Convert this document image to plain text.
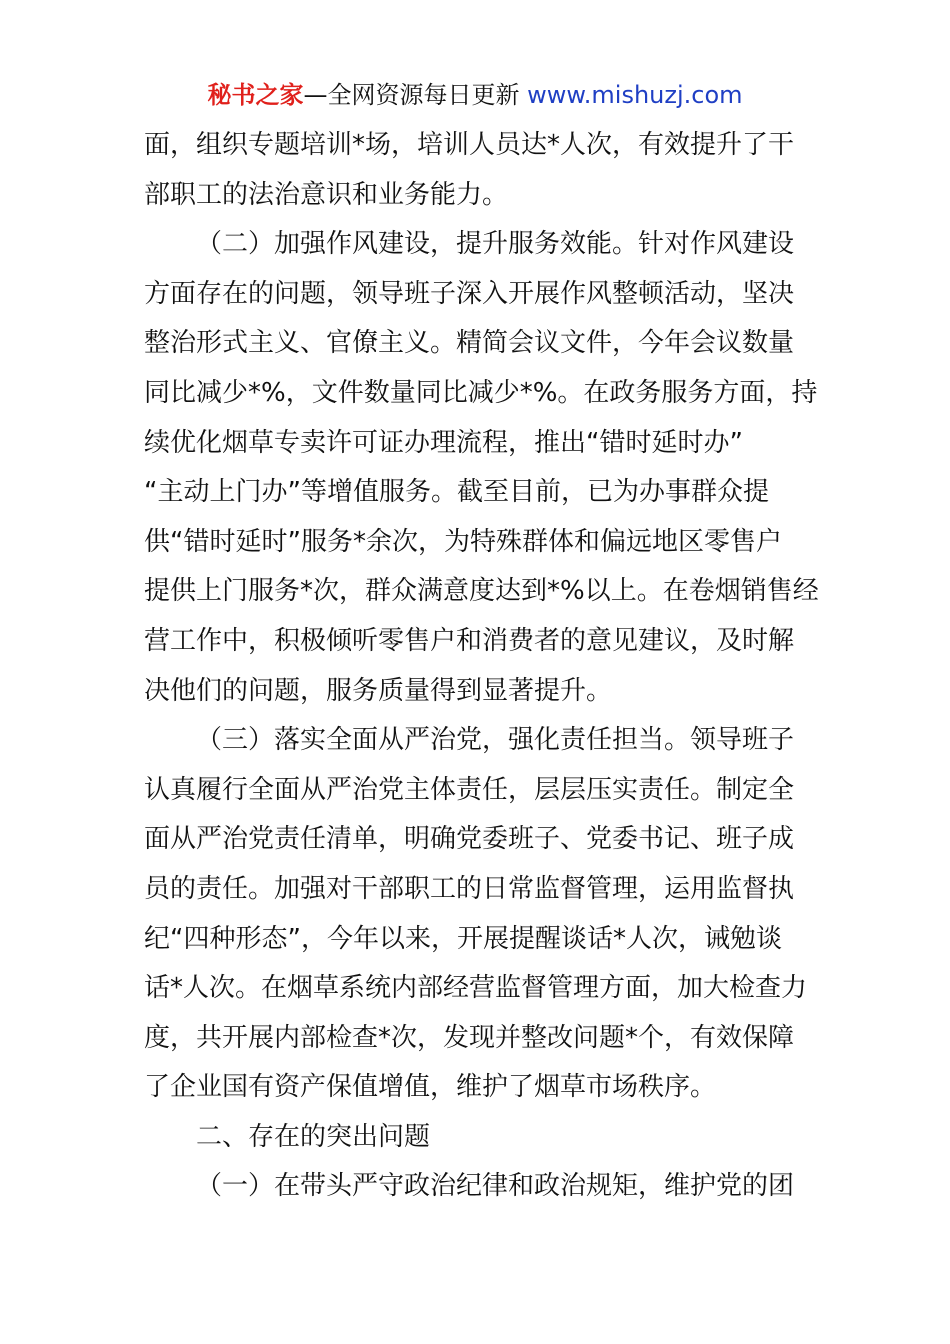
秘书之家—全网资源每日更新 www.mishuzj.com
面，组织专题培训*场，培训人员达*人次，有效提升了干
部职工的法治意识和业务能力。
（二）加强作风建设，提升服务效能。针对作风建设
方面存在的问题，领导班子深入开展作风整顿活动，坚决
整治形式主义、官僚主义。精简会议文件，今年会议数量
同比减少*%，文件数量同比减少*%。在政务服务方面，持
续优化烟草专卖许可证办理流程，推出“错时延时办”
“主动上门办”等增值服务。截至目前，已为办事群众提
供“错时延时”服务*余次，为特殊群体和偏远地区零售户
提供上门服务*次，群众满意度达到*%以上。在卷烟销售经
营工作中，积极倾听零售户和消费者的意见建议，及时解
决他们的问题，服务质量得到显著提升。
（三）落实全面从严治党，强化责任担当。领导班子
认真履行全面从严治党主体责任，层层压实责任。制定全
面从严治党责任清单，明确党委班子、党委书记、班子成
员的责任。加强对干部职工的日常监督管理，运用监督执
纪“四种形态”，今年以来，开展提醒谈话*人次，诫勉谈
话*人次。在烟草系统内部经营监督管理方面，加大检查力
度，共开展内部检查*次，发现并整改问题*个，有效保障
了企业国有资产保值增值，维护了烟草市场秩序。
二、存在的突出问题
（一）在带头严守政治纪律和政治规矩，维护党的团
